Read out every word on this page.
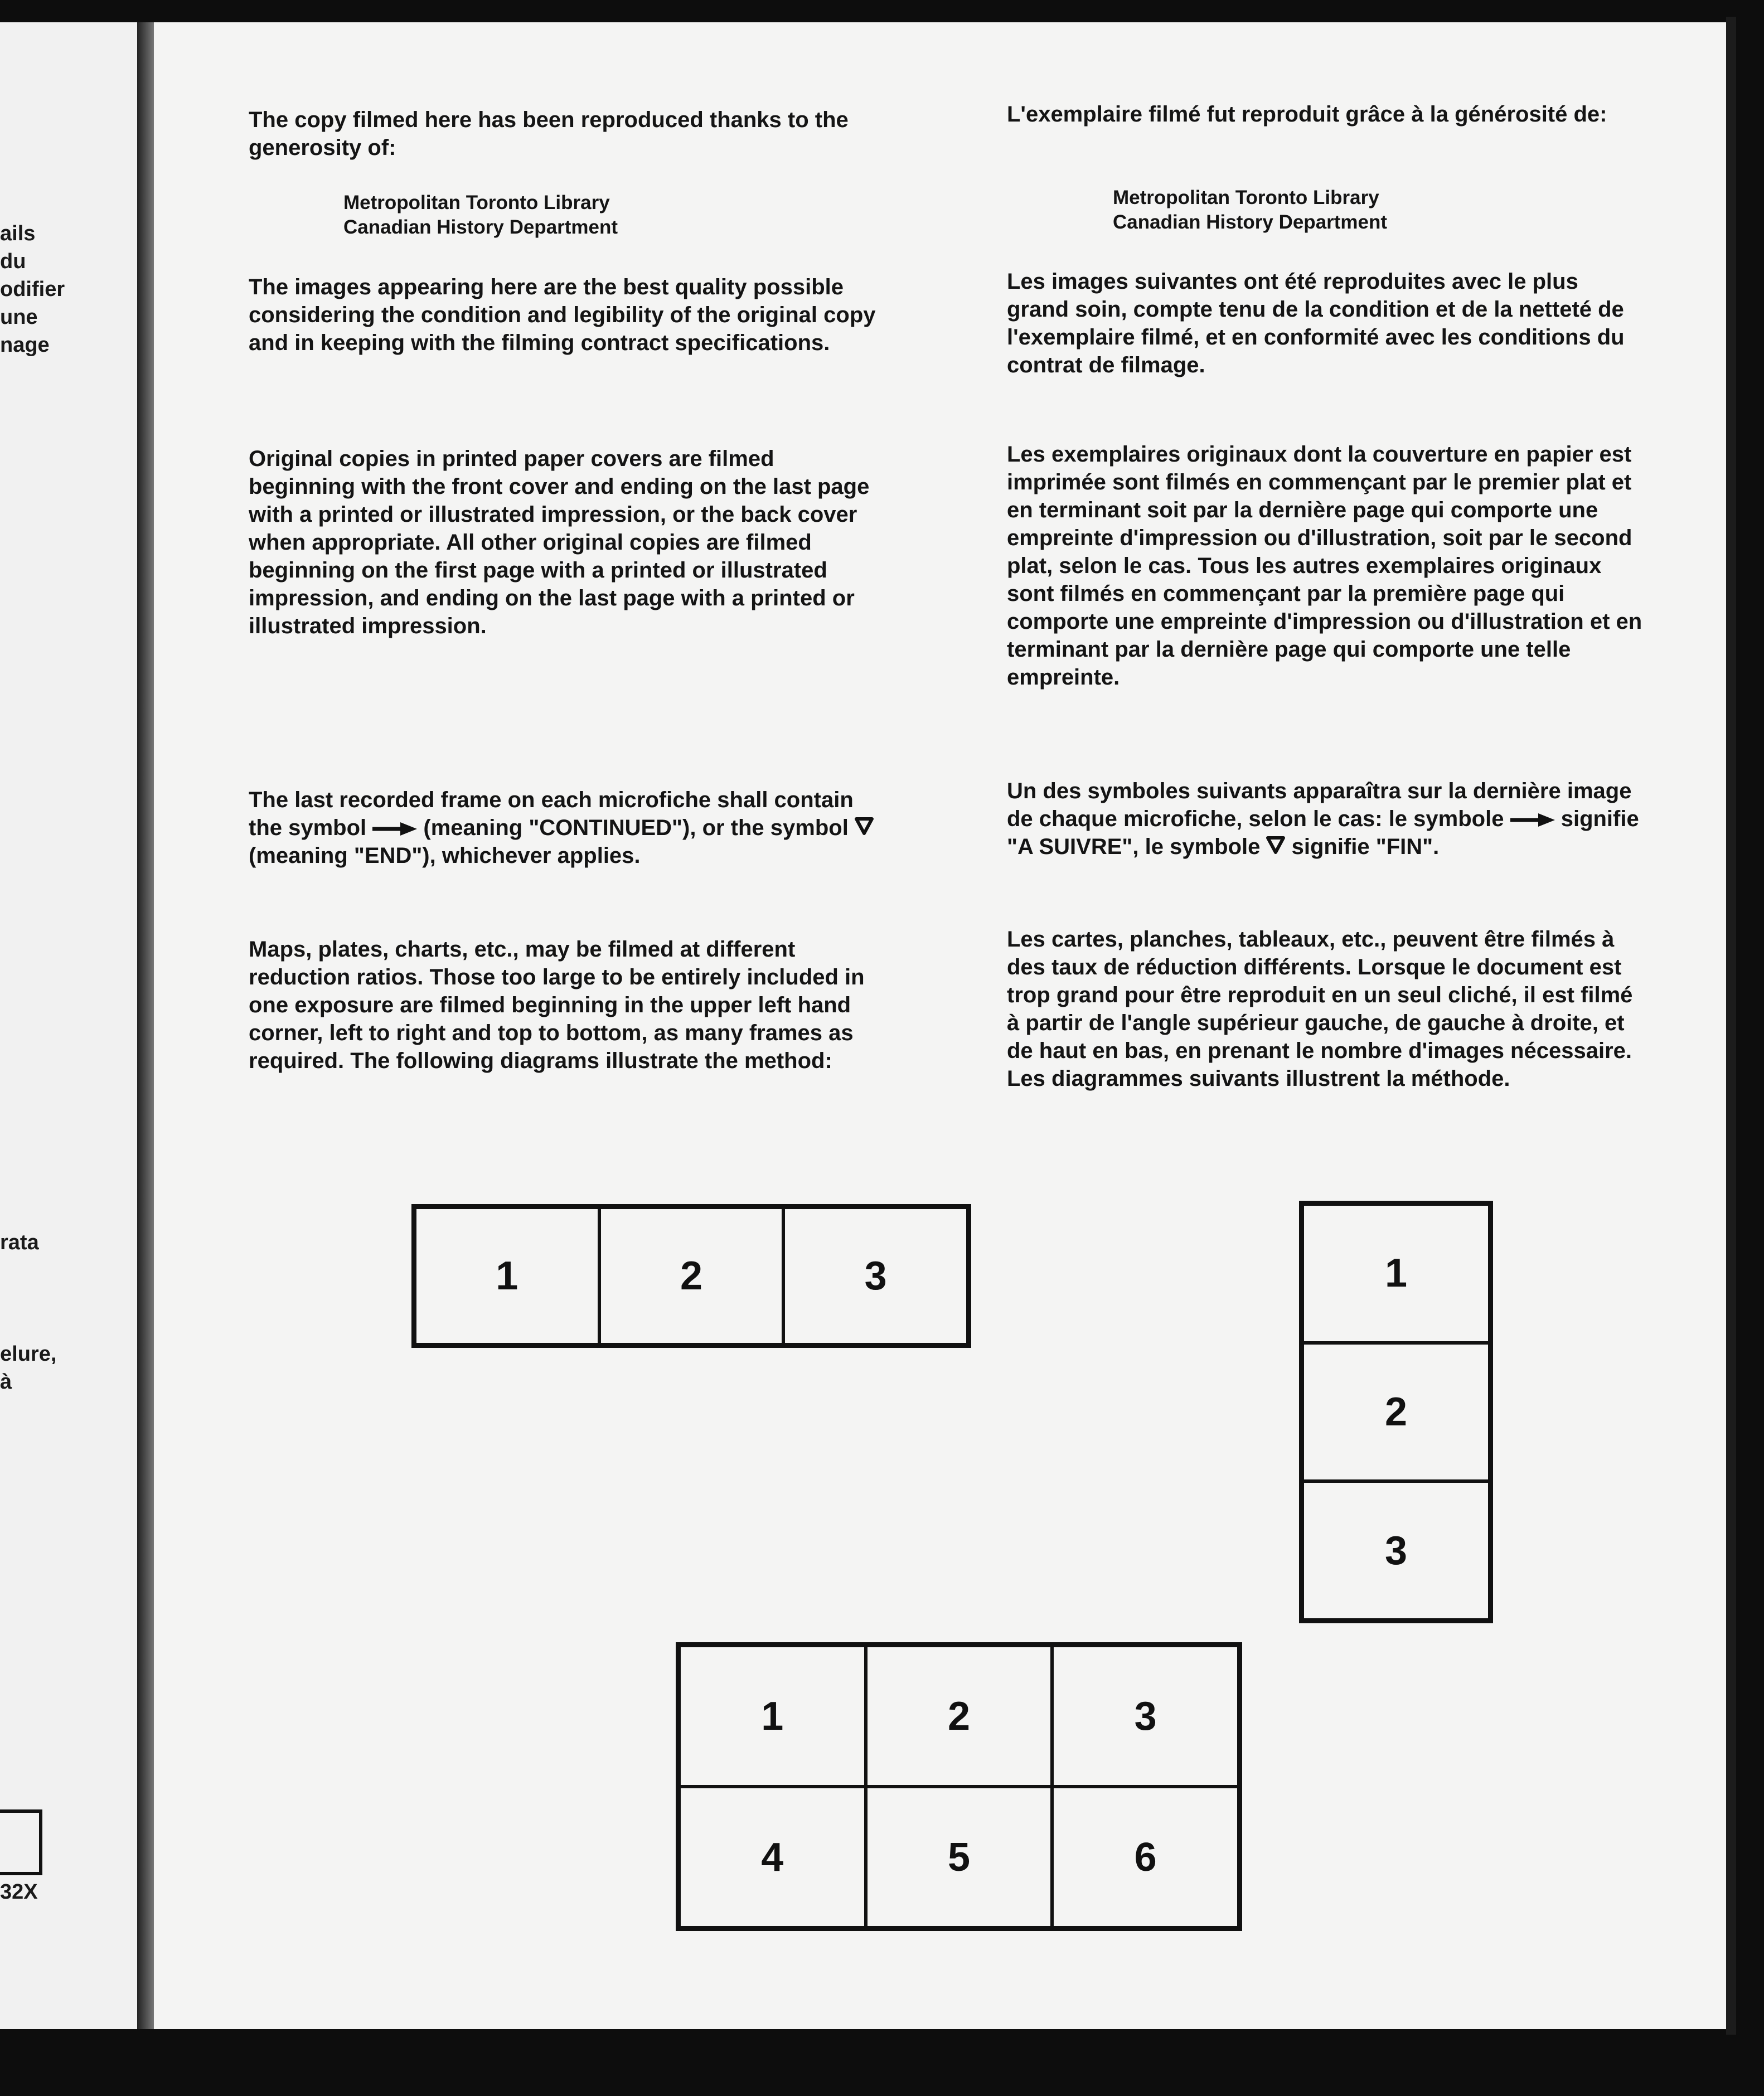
ails
du
odifier
une
nage
rata
elure,
à
32X

The copy filmed here has been reproduced thanks to the generosity of:

Metropolitan Toronto Library

Canadian History Department

The images appearing here are the best quality possible considering the condition and legibility of the original copy and in keeping with the filming contract specifications.

Original copies in printed paper covers are filmed beginning with the front cover and ending on the last page with a printed or illustrated impression, or the back cover when appropriate. All other original copies are filmed beginning on the first page with a printed or illustrated impression, and ending on the last page with a printed or illustrated impression.

The last recorded frame on each microfiche shall contain the symbol	(meaning "CONTINUED"), or the symbol  (meaning "END"), whichever applies.

Maps, plates, charts, etc., may be filmed at different reduction ratios. Those too large to be entirely included in one exposure are filmed beginning in the upper left hand corner, left to right and top to bottom, as many frames as required. The following diagrams illustrate the method:

L'exemplaire filmé fut reproduit grâce à la générosité de:

Metropolitan Toronto Library

Canadian History Department

Les images suivantes ont été reproduites avec le plus grand soin, compte tenu de la condition et de la netteté de l'exemplaire filmé, et en conformité avec les conditions du contrat de filmage.

Les exemplaires originaux dont la couverture en papier est imprimée sont filmés en commençant par le premier plat et en terminant soit par la dernière page qui comporte une empreinte d'impression ou d'illustration, soit par le second plat, selon le cas. Tous les autres exemplaires originaux sont filmés en commençant par la première page qui comporte une empreinte d'impression ou d'illustration et en terminant par la dernière page qui comporte une telle empreinte.

Un des symboles suivants apparaîtra sur la dernière image de chaque microfiche, selon le cas: le symbole	signifie "A SUIVRE", le symbole signifie "FIN".

Les cartes, planches, tableaux, etc., peuvent être filmés à des taux de réduction différents. Lorsque le document est trop grand pour être reproduit en un seul cliché, il est filmé à partir de l'angle supérieur gauche, de gauche à droite, et de haut en bas, en prenant le nombre d'images nécessaire. Les diagrammes suivants illustrent la méthode.

1	2	3	1
2
3
1	2	3
4	5	6
